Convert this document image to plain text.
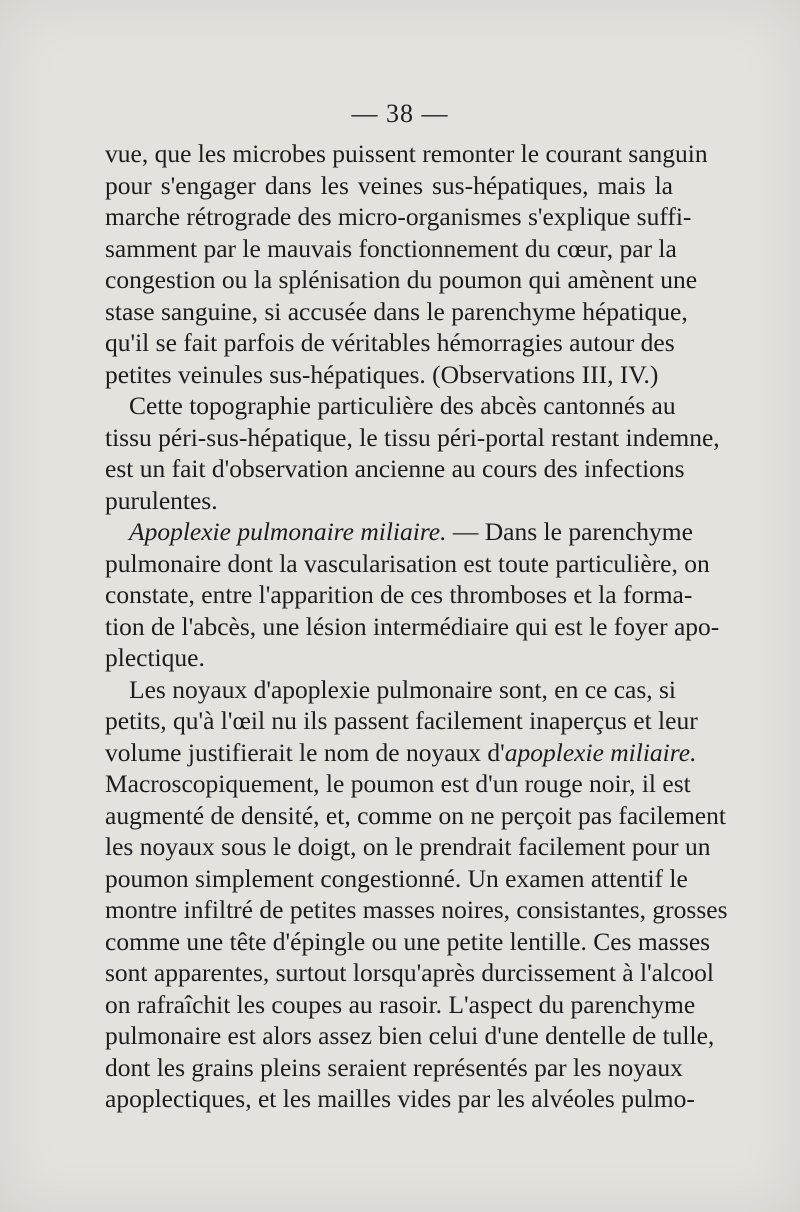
— 38 —
vue, que les microbes puissent remonter le courant sanguin
pour s'engager dans les veines sus-hépatiques, mais la
marche rétrograde des micro-organismes s'explique suffi-
samment par le mauvais fonctionnement du cœur, par la
congestion ou la splénisation du poumon qui amènent une
stase sanguine, si accusée dans le parenchyme hépatique,
qu'il se fait parfois de véritables hémorragies autour des
petites veinules sus-hépatiques. (Observations III, IV.)
Cette topographie particulière des abcès cantonnés au
tissu péri-sus-hépatique, le tissu péri-portal restant indemne,
est un fait d'observation ancienne au cours des infections
purulentes.
Apoplexie pulmonaire miliaire. — Dans le parenchyme
pulmonaire dont la vascularisation est toute particulière, on
constate, entre l'apparition de ces thromboses et la forma-
tion de l'abcès, une lésion intermédiaire qui est le foyer apo-
plectique.
Les noyaux d'apoplexie pulmonaire sont, en ce cas, si
petits, qu'à l'œil nu ils passent facilement inaperçus et leur
volume justifierait le nom de noyaux d'apoplexie miliaire.
Macroscopiquement, le poumon est d'un rouge noir, il est
augmenté de densité, et, comme on ne perçoit pas facilement
les noyaux sous le doigt, on le prendrait facilement pour un
poumon simplement congestionné. Un examen attentif le
montre infiltré de petites masses noires, consistantes, grosses
comme une tête d'épingle ou une petite lentille. Ces masses
sont apparentes, surtout lorsqu'après durcissement à l'alcool
on rafraîchit les coupes au rasoir. L'aspect du parenchyme
pulmonaire est alors assez bien celui d'une dentelle de tulle,
dont les grains pleins seraient représentés par les noyaux
apoplectiques, et les mailles vides par les alvéoles pulmo-
